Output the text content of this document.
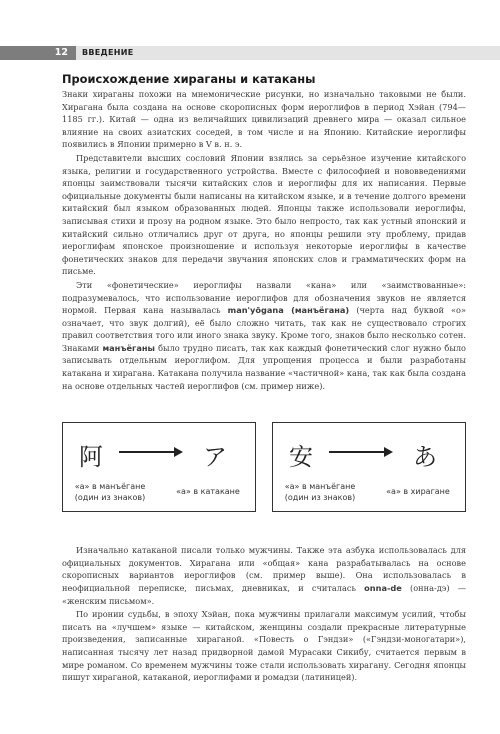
12	ВВЕДЕНИЕ
Происхождение хираганы и катаканы

Знаки хираганы похожи на мнемонические рисунки, но изначально таковыми не были. Хирагана была создана на основе скорописных форм иероглифов в период Хэйан (794—1185 гг.). Китай — одна из величайших цивилизаций древнего мира — оказал сильное влияние на своих азиатских соседей, в том числе и на Японию. Китайские иероглифы появились в Японии примерно в V в. н. э.

Представители высших сословий Японии взялись за серьёзное изучение китайского языка, религии и государственного устройства. Вместе с философией и нововведениями японцы заимствовали тысячи китайских слов и иероглифы для их написания. Первые официальные документы были написаны на китайском языке, и в течение долгого времени китайский был языком образованных людей. Японцы также использовали иероглифы, записывая стихи и прозу на родном языке. Это было непросто, так как устный японский и китайский сильно отличались друг от друга, но японцы решили эту проблему, придав иероглифам японское произношение и используя некоторые иероглифы в качестве фонетических знаков для передачи звучания японских слов и грамматических форм на письме.

Эти «фонетические» иероглифы назвали «кана» или «заимствованные»: подразумевалось, что использование иероглифов для обозначения звуков не является нормой. Первая кана называлась man'yōgana (манъёгана) (черта над буквой «о» означает, что звук долгий), её было сложно читать, так как не существовало строгих правил соответствия того или иного знака звуку. Кроме того, знаков было несколько сотен. Знаками манъёганы было трудно писать, так как каждый фонетический слог нужно было записывать отдельным иероглифом. Для упрощения процесса и были разработаны катакана и хирагана. Катакана получила название «частичной» кана, так как была создана на основе отдельных частей иероглифов (см. пример ниже).

阿	ア
«a» в манъёгане (один из знаков)
«a» в катакане
安	あ
«a» в манъёгане (один из знаков)
«a» в хирагане

Изначально катаканой писали только мужчины. Также эта азбука использовалась для официальных документов. Хирагана или «общая» кана разрабатывалась на основе скорописных вариантов иероглифов (см. пример выше). Она использовалась в неофициальной переписке, письмах, дневниках, и считалась onna-de (онна-дэ) — «женским письмом».

По иронии судьбы, в эпоху Хэйан, пока мужчины прилагали максимум усилий, чтобы писать на «лучшем» языке — китайском, женщины создали прекрасные литературные произведения, записанные хираганой. «Повесть о Гэндзи» («Гэндзи-моногатари»), написанная тысячу лет назад придворной дамой Мурасаки Сикибу, считается первым в мире романом. Со временем мужчины тоже стали использовать хирагану. Сегодня японцы пишут хираганой, катаканой, иероглифами и ромадзи (латиницей).
